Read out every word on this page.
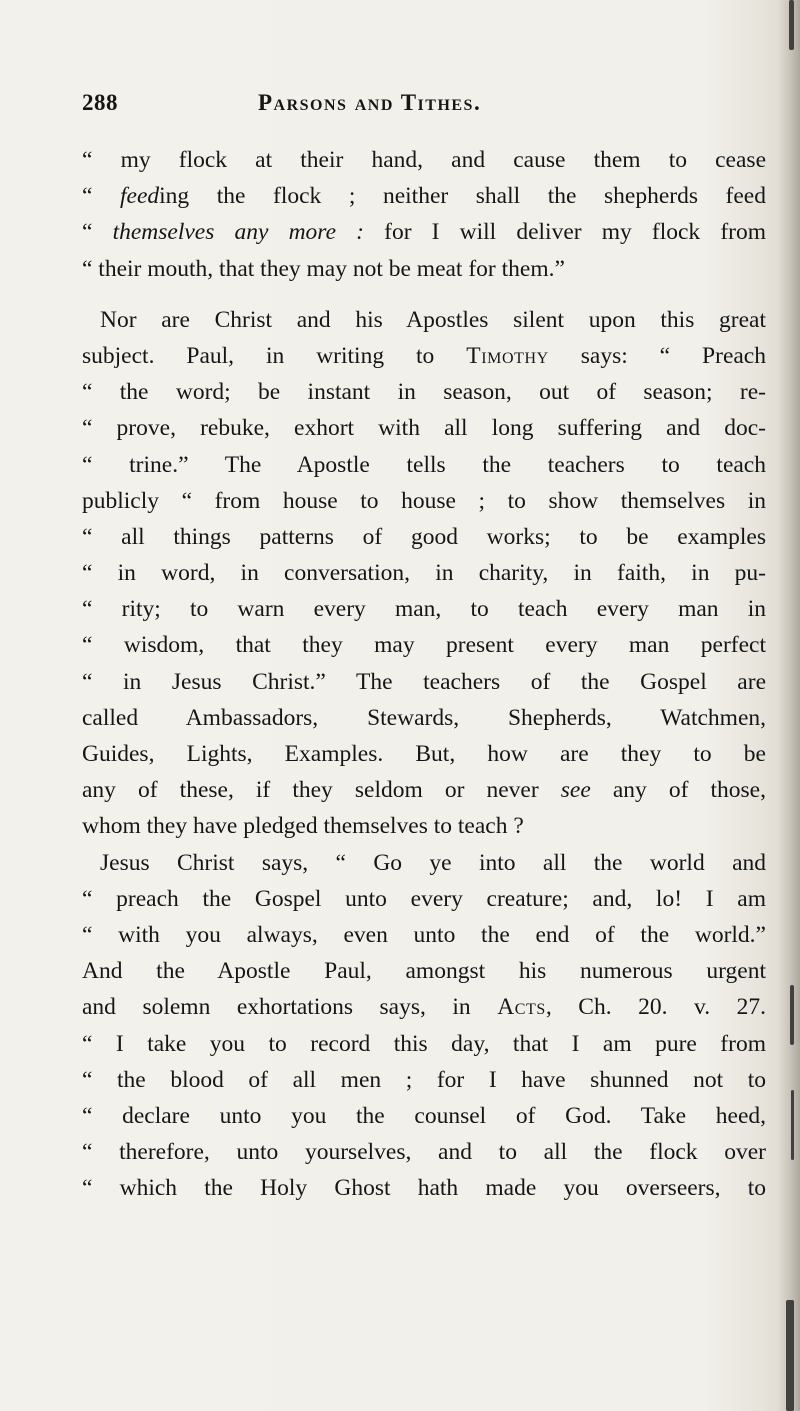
288	Parsons and Tithes.
“ my flock at their hand, and cause them to cease
“ feeding the flock ; neither shall the shepherds feed
“ themselves any more : for I will deliver my flock from
“ their mouth, that they may not be meat for them.”
Nor are Christ and his Apostles silent upon this great
subject. Paul, in writing to Timothy says: “ Preach
“ the word; be instant in season, out of season; re-
“ prove, rebuke, exhort with all long suffering and doc-
“ trine.” The Apostle tells the teachers to teach
publicly “ from house to house ; to show themselves in
“ all things patterns of good works; to be examples
“ in word, in conversation, in charity, in faith, in pu-
“ rity; to warn every man, to teach every man in
“ wisdom, that they may present every man perfect
“ in Jesus Christ.” The teachers of the Gospel are
called Ambassadors, Stewards, Shepherds, Watchmen,
Guides, Lights, Examples. But, how are they to be
any of these, if they seldom or never see any of those,
whom they have pledged themselves to teach ?
Jesus Christ says, “ Go ye into all the world and
“ preach the Gospel unto every creature; and, lo! I am
“ with you always, even unto the end of the world.”
And the Apostle Paul, amongst his numerous urgent
and solemn exhortations says, in Acts, Ch. 20. v. 27.
“ I take you to record this day, that I am pure from
“ the blood of all men ; for I have shunned not to
“ declare unto you the counsel of God. Take heed,
“ therefore, unto yourselves, and to all the flock over
“ which the Holy Ghost hath made you overseers, to
